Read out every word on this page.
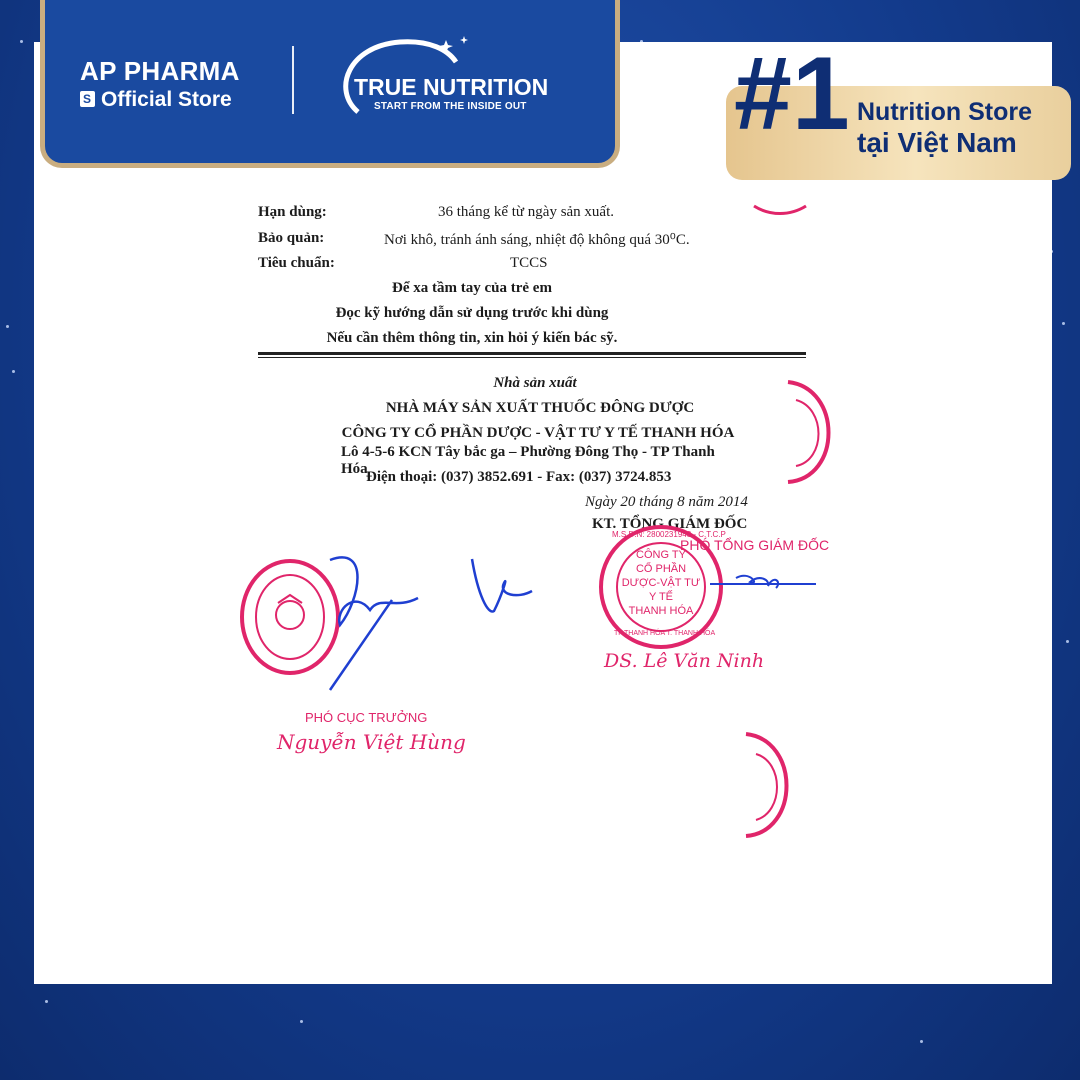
AP PHARMA
SOfficial Store	TRUE NUTRITION
START FROM THE INSIDE OUT #1 Nutrition Store
tại Việt Nam
Hạn dùng:	36 tháng kể từ ngày sản xuất.
Bảo quản:	Nơi khô, tránh ánh sáng, nhiệt độ không quá 30⁰C.
Tiêu chuẩn:	TCCS
Để xa tầm tay của trẻ em
Đọc kỹ hướng dẫn sử dụng trước khi dùng
Nếu cần thêm thông tin, xin hỏi ý kiến bác sỹ.
Nhà sản xuất
NHÀ MÁY SẢN XUẤT THUỐC ĐÔNG DƯỢC
CÔNG TY CỔ PHẦN DƯỢC - VẬT TƯ Y TẾ THANH HÓA
Lô 4-5-6 KCN Tây bắc ga – Phường Đông Thọ - TP Thanh Hóa
Điện thoại: (037) 3852.691 - Fax: (037) 3724.853
Ngày 20 tháng 8 năm 2014
KT. TỔNG GIÁM ĐỐC
PHÓ CỤC TRƯỞNG
Nguyễn Việt Hùng
CÔNG TY
CỔ PHẦN
DƯỢC-VẬT TƯ
Y TẾ
THANH HÓA
M.S.D.N: 2800231948 - C.T.C.P
TP.THANH HÓA T. THANH HÓA
PHÓ TỔNG GIÁM ĐỐC
DS. Lê Văn Ninh
